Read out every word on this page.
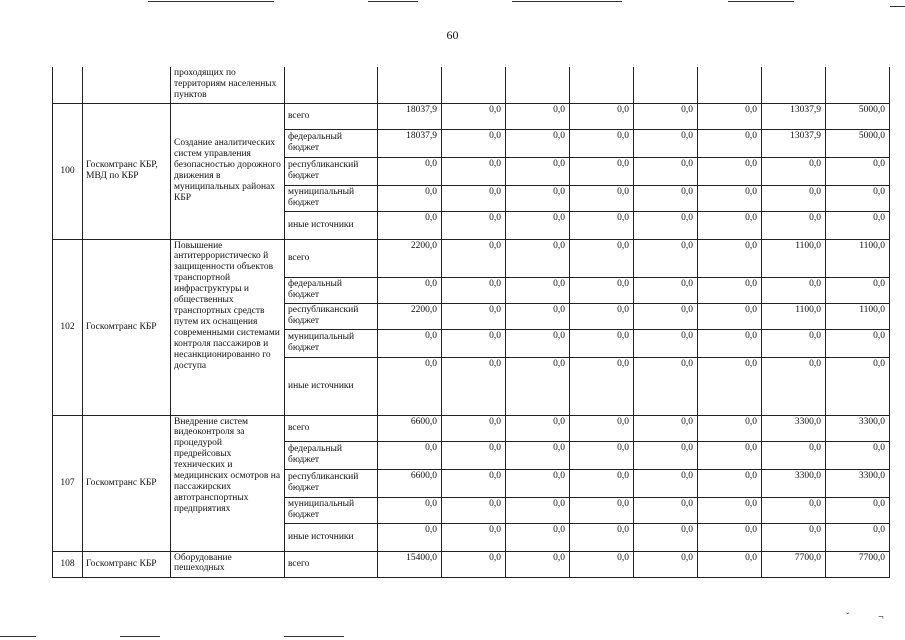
ˇ	¬
60
		проходящих по территориям населенных пунктов									
100	Госкомтранс КБР, МВД по КБР	Создание аналитических систем управления безопасностью дорожного движения в муниципальных районах КБР	всего	18037,9	0,0	0,0	0,0	0,0	0,0	13037,9	5000,0
			федеральный бюджет	18037,9	0,0	0,0	0,0	0,0	0,0	13037,9	5000,0
			республиканский бюджет	0,0	0,0	0,0	0,0	0,0	0,0	0,0	0,0
			муниципальный бюджет	0,0	0,0	0,0	0,0	0,0	0,0	0,0	0,0
			иные источники	0,0	0,0	0,0	0,0	0,0	0,0	0,0	0,0
102	Госкомтранс КБР	Повышение антитеррористическо й защищенности объектов транспортной инфраструктуры и общественных транспортных средств путем их оснащения современными системами контроля пассажиров и несанкционированно го доступа	всего	2200,0	0,0	0,0	0,0	0,0	0,0	1100,0	1100,0
			федеральный бюджет	0,0	0,0	0,0	0,0	0,0	0,0	0,0	0,0
			республиканский бюджет	2200,0	0,0	0,0	0,0	0,0	0,0	1100,0	1100,0
			муниципальный бюджет	0,0	0,0	0,0	0,0	0,0	0,0	0,0	0,0
			иные источники	0,0	0,0	0,0	0,0	0,0	0,0	0,0	0,0
107	Госкомтранс КБР	Внедрение систем видеоконтроля за процедурой предрейсовых технических и медицинских осмотров на пассажирских автотранспортных предприятиях	всего	6600,0	0,0	0,0	0,0	0,0	0,0	3300,0	3300,0
			федеральный бюджет	0,0	0,0	0,0	0,0	0,0	0,0	0,0	0,0
			республиканский бюджет	6600,0	0,0	0,0	0,0	0,0	0,0	3300,0	3300,0
			муниципальный бюджет	0,0	0,0	0,0	0,0	0,0	0,0	0,0	0,0
			иные источники	0,0	0,0	0,0	0,0	0,0	0,0	0,0	0,0
108	Госкомтранс КБР	Оборудование пешеходных	всего	15400,0	0,0	0,0	0,0	0,0	0,0	7700,0	7700,0
